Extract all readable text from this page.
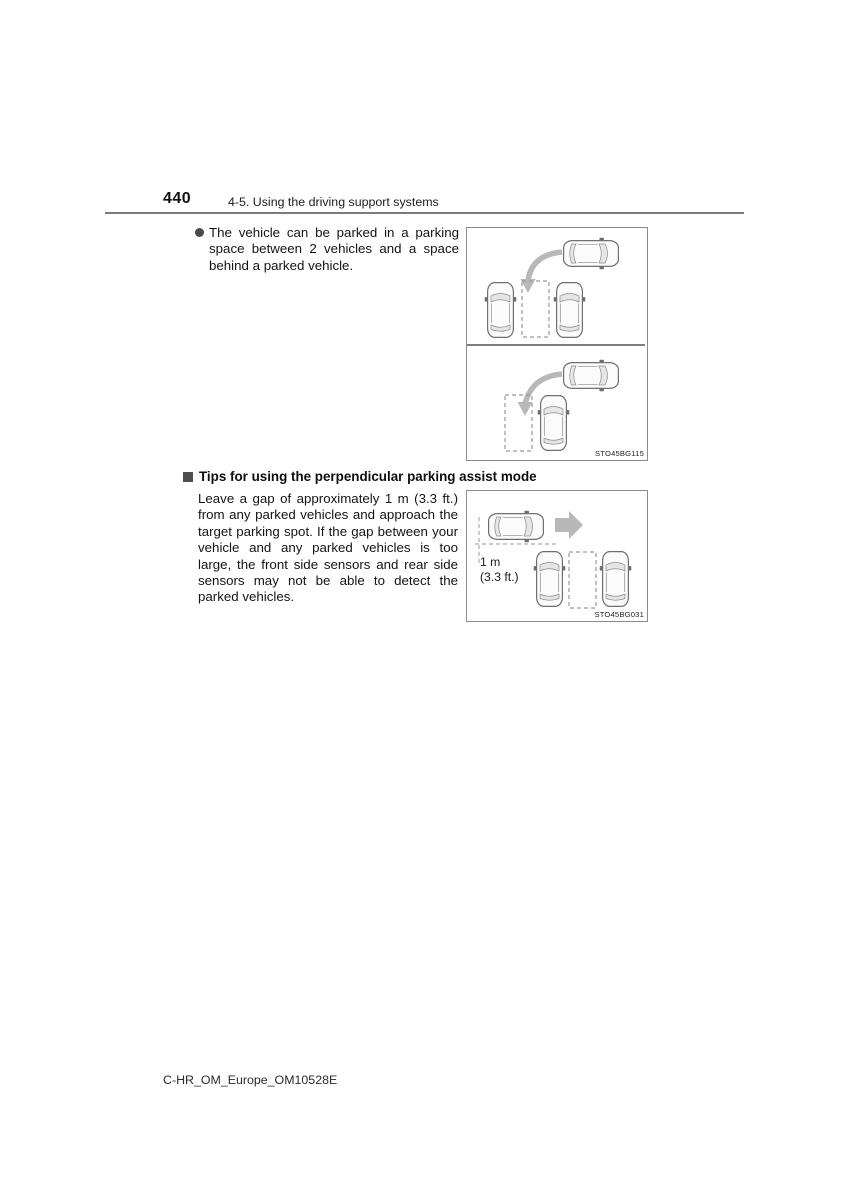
440	4-5. Using the driving support systems
The vehicle can be parked in a parking space between 2 vehicles and a space behind a parked vehicle.
STO45BG115
Tips for using the perpendicular parking assist mode
Leave a gap of approximately 1 m (3.3 ft.) from any parked vehicles and approach the target parking spot. If the gap between your vehicle and any parked vehicles is too large, the front side sensors and rear side sensors may not be able to detect the parked vehicles.
1 m
(3.3 ft.)
STO45BG031
C-HR_OM_Europe_OM10528E
